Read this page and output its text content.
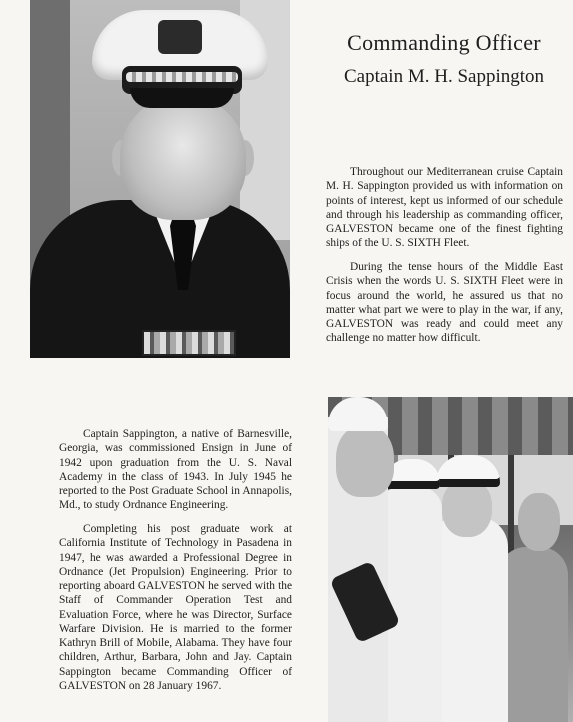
Commanding Officer
Captain M. H. Sappington

Throughout our Mediterranean cruise Captain M. H. Sappington provided us with information on points of interest, kept us informed of our schedule and through his leadership as commanding officer, GALVESTON became one of the finest fighting ships of the U. S. SIXTH Fleet.

During the tense hours of the Middle East Crisis when the words U. S. SIXTH Fleet were in focus around the world, he assured us that no matter what part we were to play in the war, if any, GALVESTON was ready and could meet any challenge no matter how difficult.

Captain Sappington, a native of Barnesville, Georgia, was commissioned Ensign in June of 1942 upon graduation from the U. S. Naval Academy in the class of 1943. In July 1945 he reported to the Post Graduate School in Annapolis, Md., to study Ordnance Engineering.

Completing his post graduate work at California Institute of Technology in Pasadena in 1947, he was awarded a Professional Degree in Ordnance (Jet Propulsion) Engineering. Prior to reporting aboard GALVESTON he served with the Staff of Commander Operation Test and Evaluation Force, where he was Director, Surface Warfare Division. He is married to the former Kathryn Brill of Mobile, Alabama. They have four children, Arthur, Barbara, John and Jay. Captain Sappington became Commanding Officer of GALVESTON on 28 January 1967.
